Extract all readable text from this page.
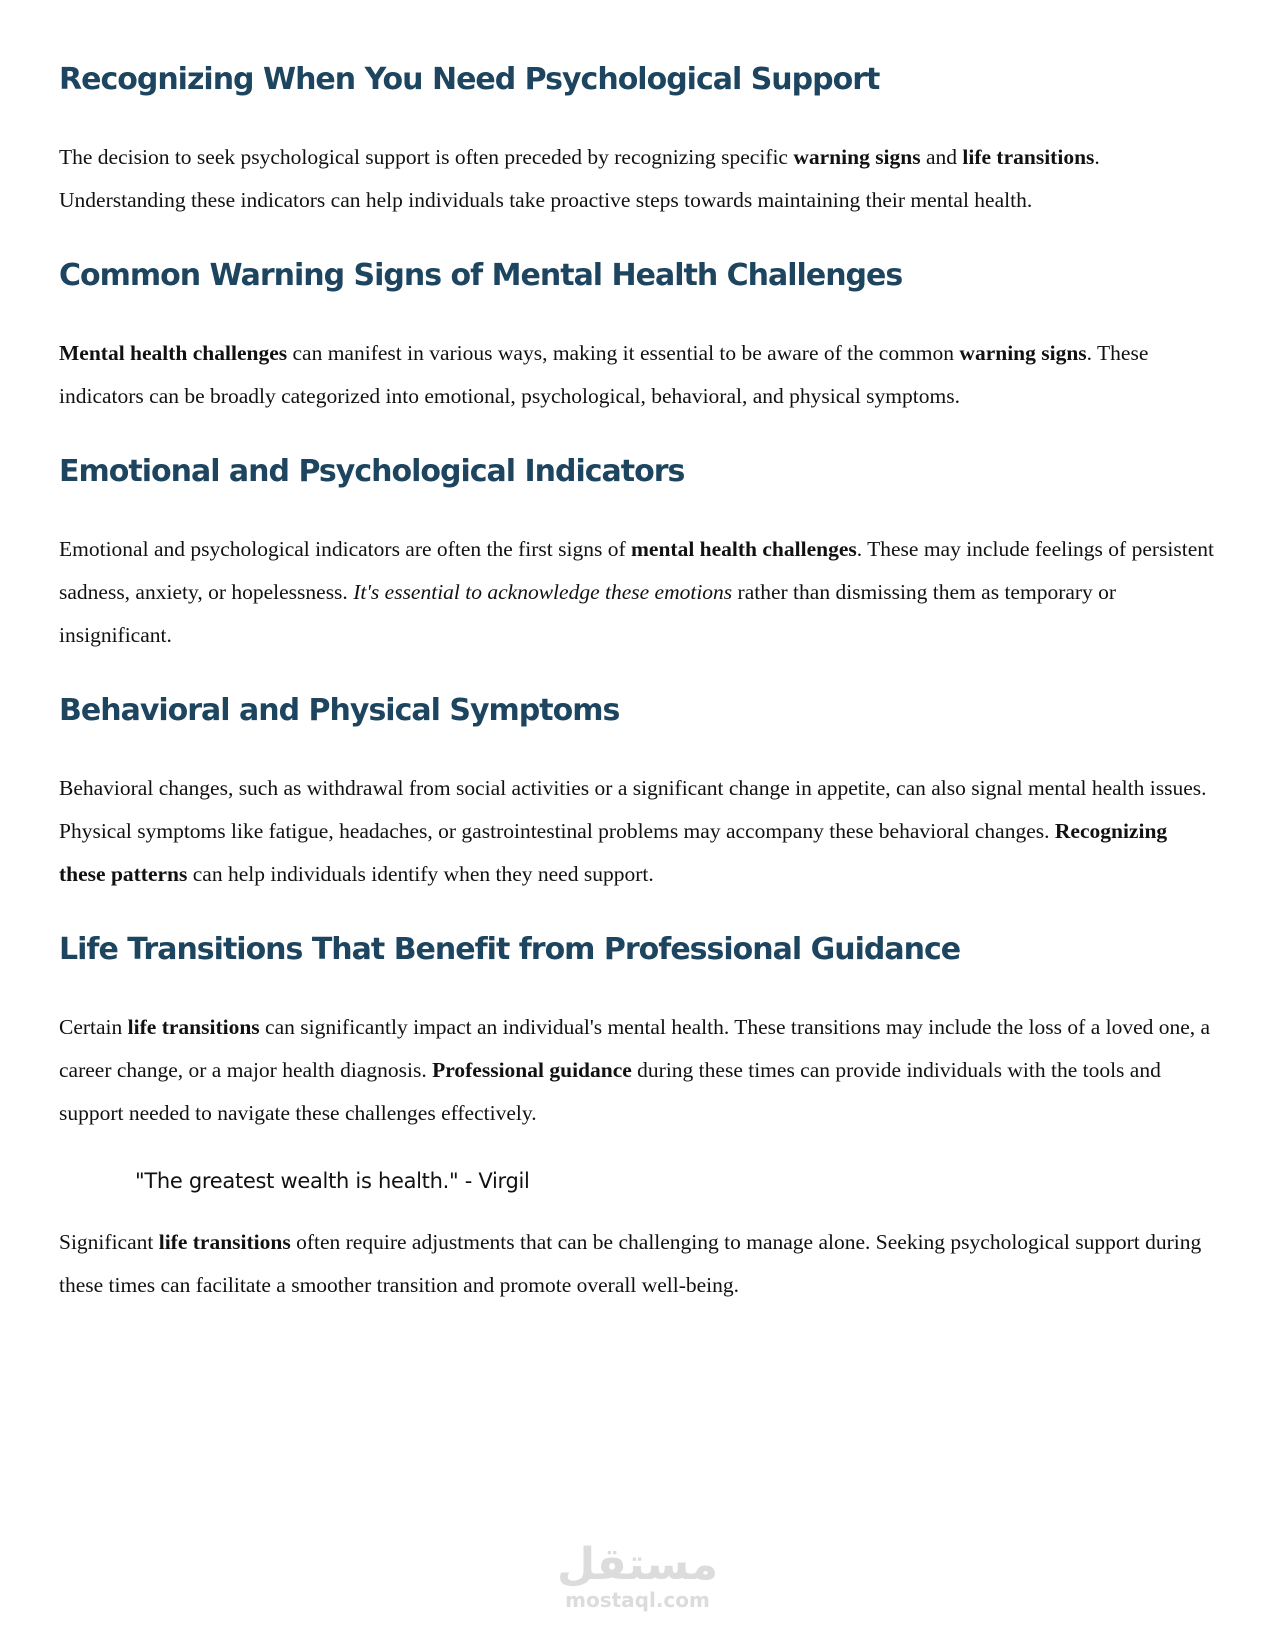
Recognizing When You Need Psychological Support

The decision to seek psychological support is often preceded by recognizing specific warning signs and life transitions. Understanding these indicators can help individuals take proactive steps towards maintaining their mental health.

Common Warning Signs of Mental Health Challenges

Mental health challenges can manifest in various ways, making it essential to be aware of the common warning signs. These indicators can be broadly categorized into emotional, psychological, behavioral, and physical symptoms.

Emotional and Psychological Indicators

Emotional and psychological indicators are often the first signs of mental health challenges. These may include feelings of persistent sadness, anxiety, or hopelessness. It's essential to acknowledge these emotions rather than dismissing them as temporary or insignificant.

Behavioral and Physical Symptoms

Behavioral changes, such as withdrawal from social activities or a significant change in appetite, can also signal mental health issues. Physical symptoms like fatigue, headaches, or gastrointestinal problems may accompany these behavioral changes. Recognizing these patterns can help individuals identify when they need support.

Life Transitions That Benefit from Professional Guidance

Certain life transitions can significantly impact an individual's mental health. These transitions may include the loss of a loved one, a career change, or a major health diagnosis. Professional guidance during these times can provide individuals with the tools and support needed to navigate these challenges effectively.

"The greatest wealth is health." - Virgil

Significant life transitions often require adjustments that can be challenging to manage alone. Seeking psychological support during these times can facilitate a smoother transition and promote overall well-being.

مستقل
mostaql.com
